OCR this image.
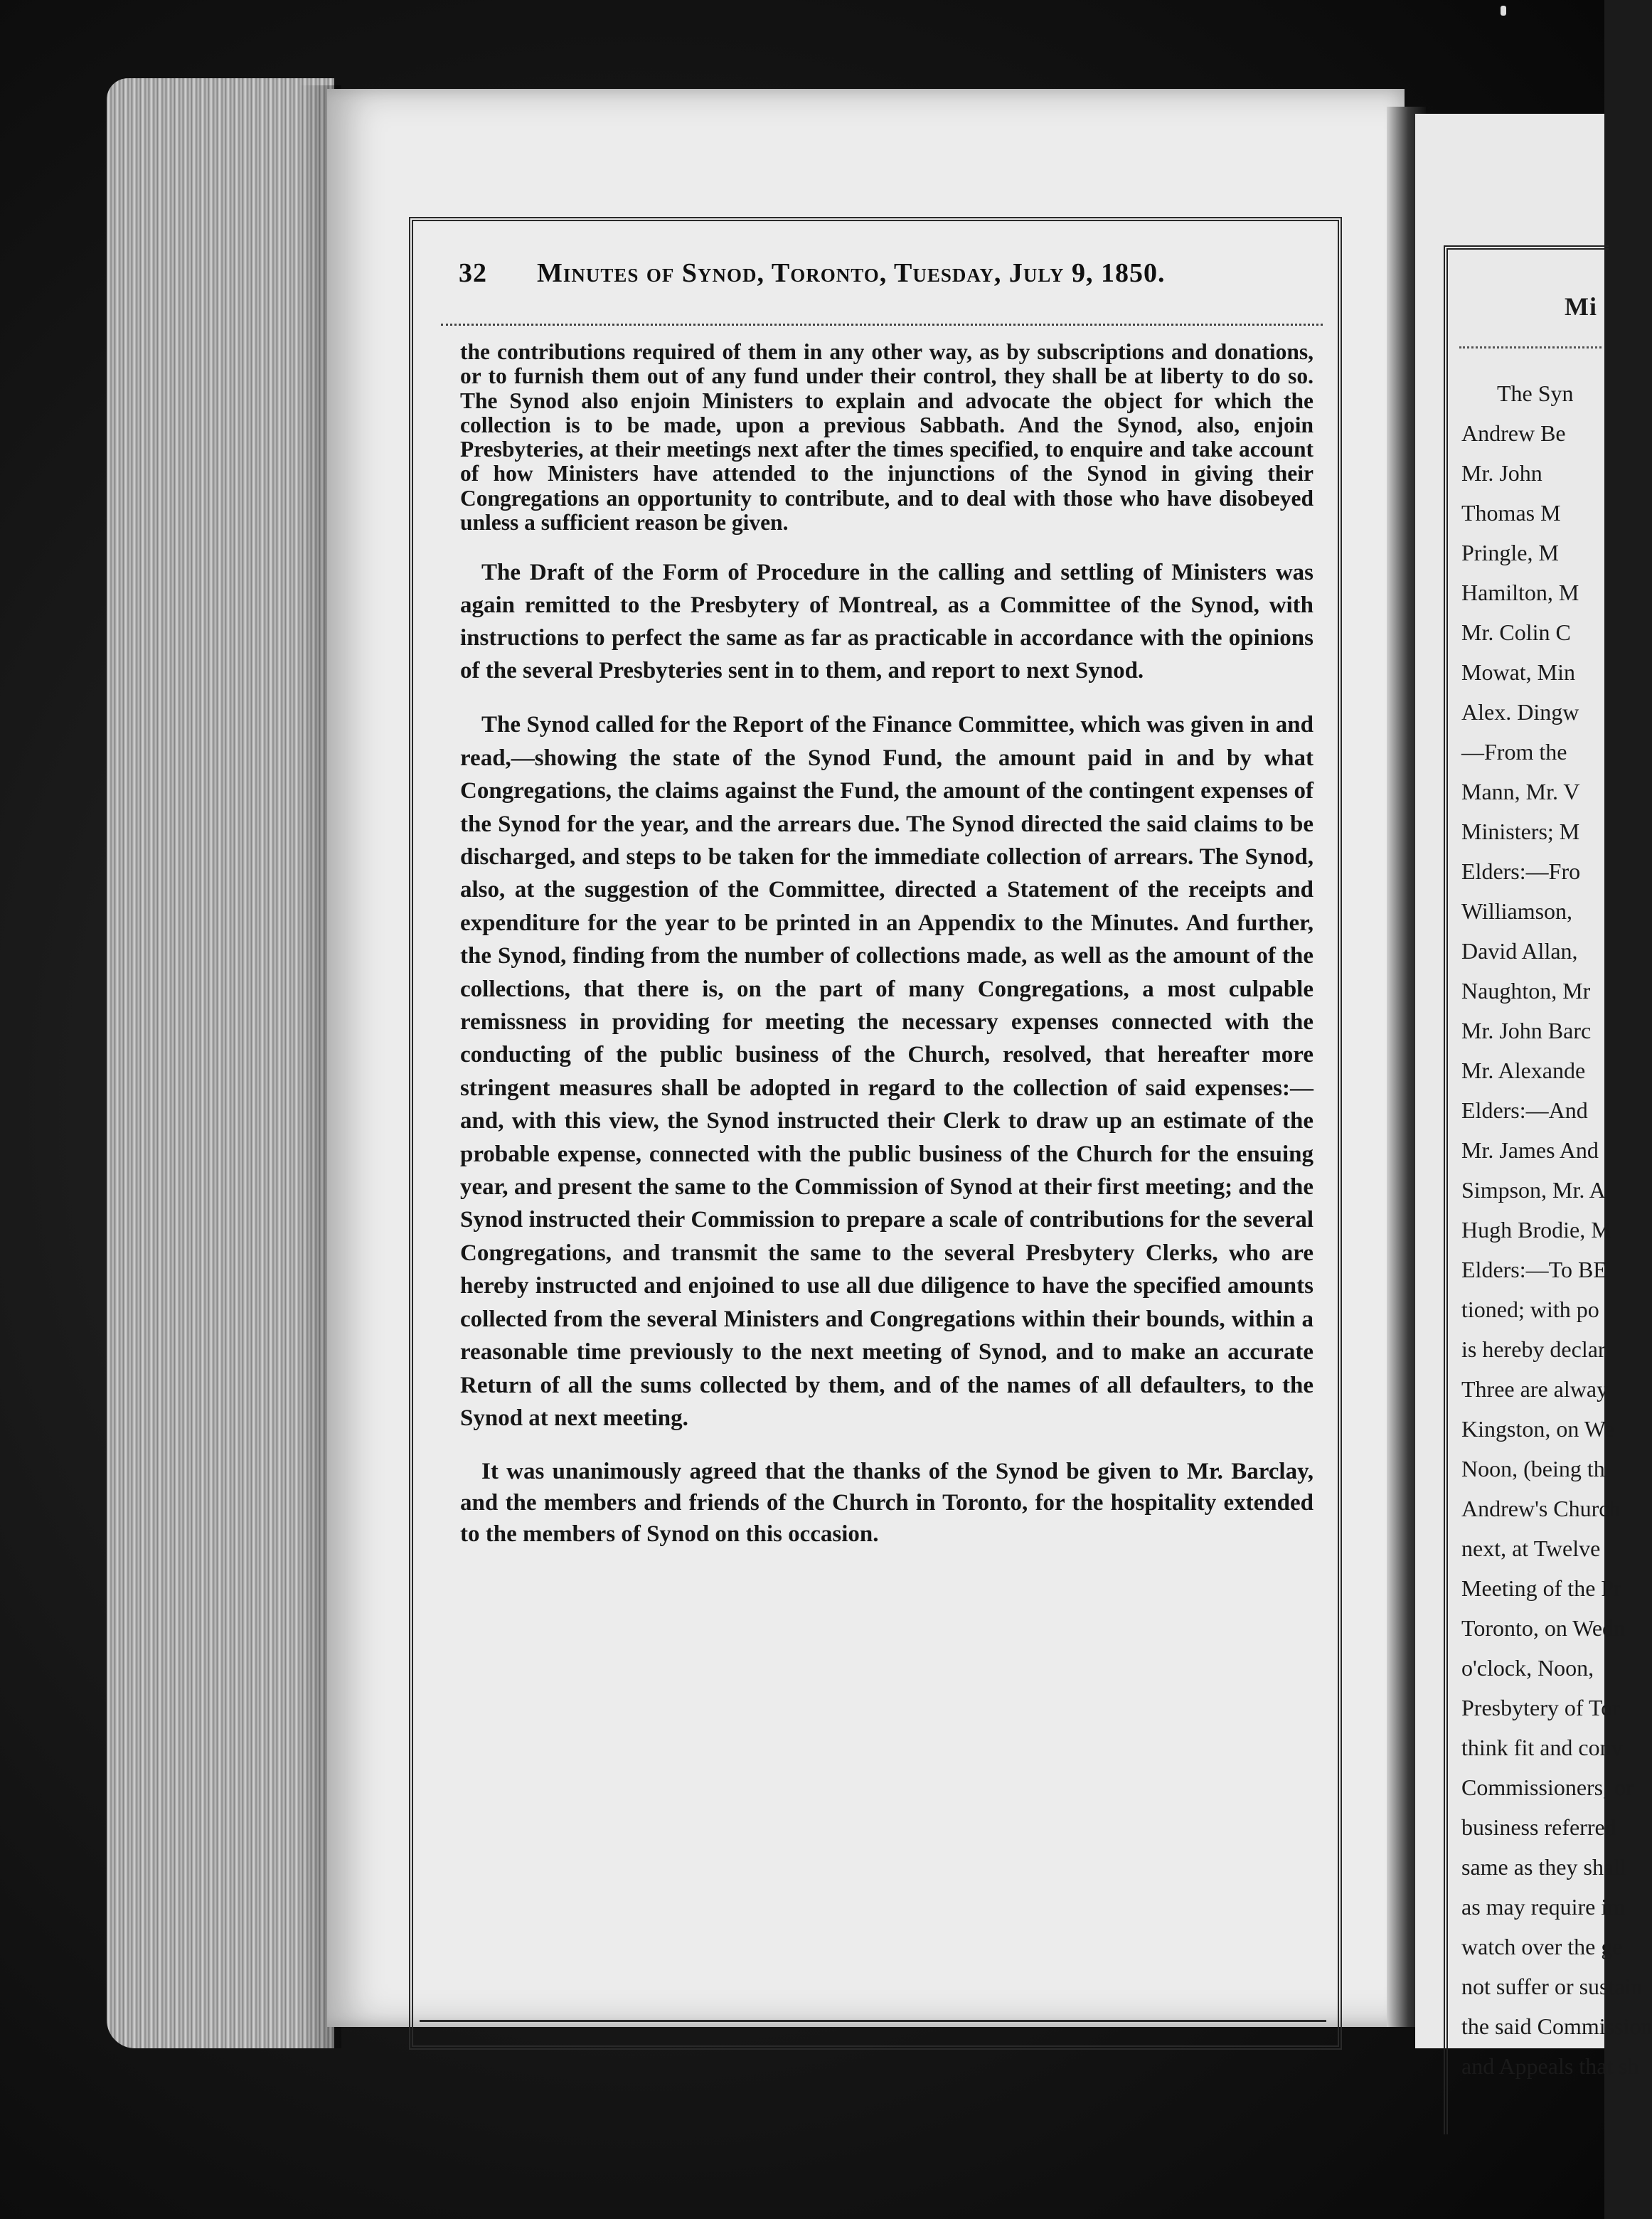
32 Minutes of Synod, Toronto, Tuesday, July 9, 1850.

the contributions required of them in any other way, as by subscriptions and donations, or to furnish them out of any fund under their control, they shall be at liberty to do so. The Synod also enjoin Ministers to explain and advocate the object for which the collection is to be made, upon a previous Sabbath. And the Synod, also, enjoin Presbyteries, at their meetings next after the times specified, to enquire and take account of how Ministers have attended to the injunctions of the Synod in giving their Congregations an opportunity to contribute, and to deal with those who have disobeyed unless a sufficient reason be given.

The Draft of the Form of Procedure in the calling and settling of Ministers was again remitted to the Presbytery of Montreal, as a Committee of the Synod, with instructions to perfect the same as far as practicable in accordance with the opinions of the several Presbyteries sent in to them, and report to next Synod.

The Synod called for the Report of the Finance Committee, which was given in and read,—showing the state of the Synod Fund, the amount paid in and by what Congregations, the claims against the Fund, the amount of the contingent expenses of the Synod for the year, and the arrears due. The Synod directed the said claims to be discharged, and steps to be taken for the immediate collection of arrears. The Synod, also, at the suggestion of the Committee, directed a Statement of the receipts and expenditure for the year to be printed in an Appendix to the Minutes. And further, the Synod, finding from the number of collections made, as well as the amount of the collections, that there is, on the part of many Congregations, a most culpable remissness in providing for meeting the necessary expenses connected with the conducting of the public business of the Church, resolved, that hereafter more stringent measures shall be adopted in regard to the collection of said expenses:—and, with this view, the Synod instructed their Clerk to draw up an estimate of the probable expense, connected with the public business of the Church for the ensuing year, and present the same to the Commission of Synod at their first meeting; and the Synod instructed their Commission to prepare a scale of contributions for the several Congregations, and transmit the same to the several Presbytery Clerks, who are hereby instructed and enjoined to use all due diligence to have the specified amounts collected from the several Ministers and Congregations within their bounds, within a reasonable time previously to the next meeting of Synod, and to make an accurate Return of all the sums collected by them, and of the names of all defaulters, to the Synod at next meeting.

It was unanimously agreed that the thanks of the Synod be given to Mr. Barclay, and the members and friends of the Church in Toronto, for the hospitality extended to the members of Synod on this occasion.

Mi
The Syn
Andrew Be
Mr. John
Thomas M
Pringle, M
Hamilton, M
Mr. Colin C
Mowat, Min
Alex. Dingw
—From the
Mann, Mr. V
Ministers; M
Elders:—Fro
Williamson,
David Allan,
Naughton, Mr
Mr. John Barc
Mr. Alexande
Elders:—And
Mr. James And
Simpson, Mr. A
Hugh Brodie, M
Elders:—To BE
tioned; with po
is hereby declar
Three are alway
Kingston, on We
Noon, (being th
Andrew's Church
next, at Twelve
Meeting of the Pr
Toronto, on Wedn
o'clock, Noon,
Presbytery of Tor
think fit and conv
Commissioners, or
business referred
same as they shall
as may require im
watch over the ge
not suffer or sustain
the said Commission
and Appeals that sh
